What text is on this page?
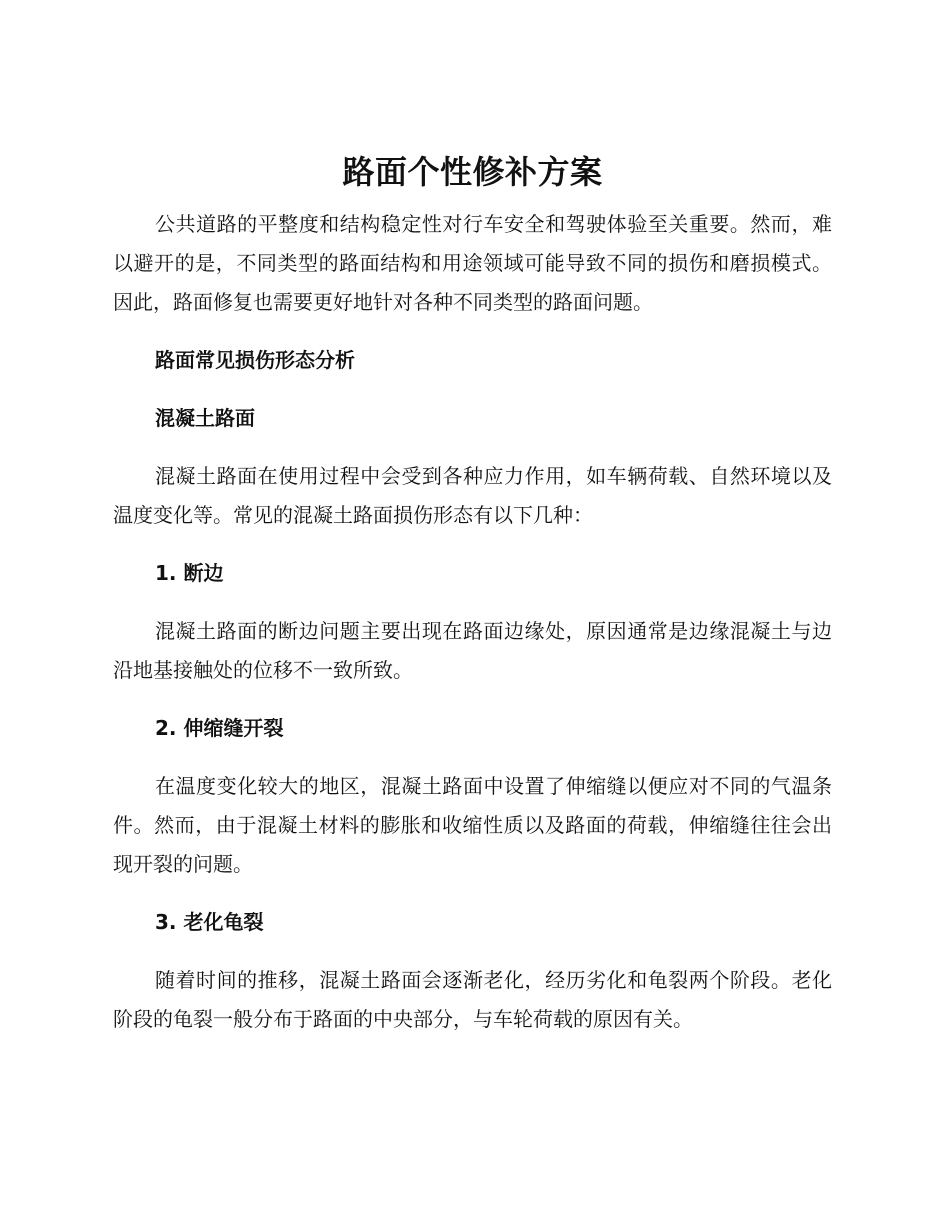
路面个性修补方案

公共道路的平整度和结构稳定性对行车安全和驾驶体验至关重要。然而，难以避开的是，不同类型的路面结构和用途领域可能导致不同的损伤和磨损模式。因此，路面修复也需要更好地针对各种不同类型的路面问题。

路面常见损伤形态分析
混凝土路面

混凝土路面在使用过程中会受到各种应力作用，如车辆荷载、自然环境以及温度变化等。常见的混凝土路面损伤形态有以下几种：

1. 断边

混凝土路面的断边问题主要出现在路面边缘处，原因通常是边缘混凝土与边沿地基接触处的位移不一致所致。

2. 伸缩缝开裂

在温度变化较大的地区，混凝土路面中设置了伸缩缝以便应对不同的气温条件。然而，由于混凝土材料的膨胀和收缩性质以及路面的荷载，伸缩缝往往会出现开裂的问题。

3. 老化龟裂

随着时间的推移，混凝土路面会逐渐老化，经历劣化和龟裂两个阶段。老化阶段的龟裂一般分布于路面的中央部分，与车轮荷载的原因有关。
